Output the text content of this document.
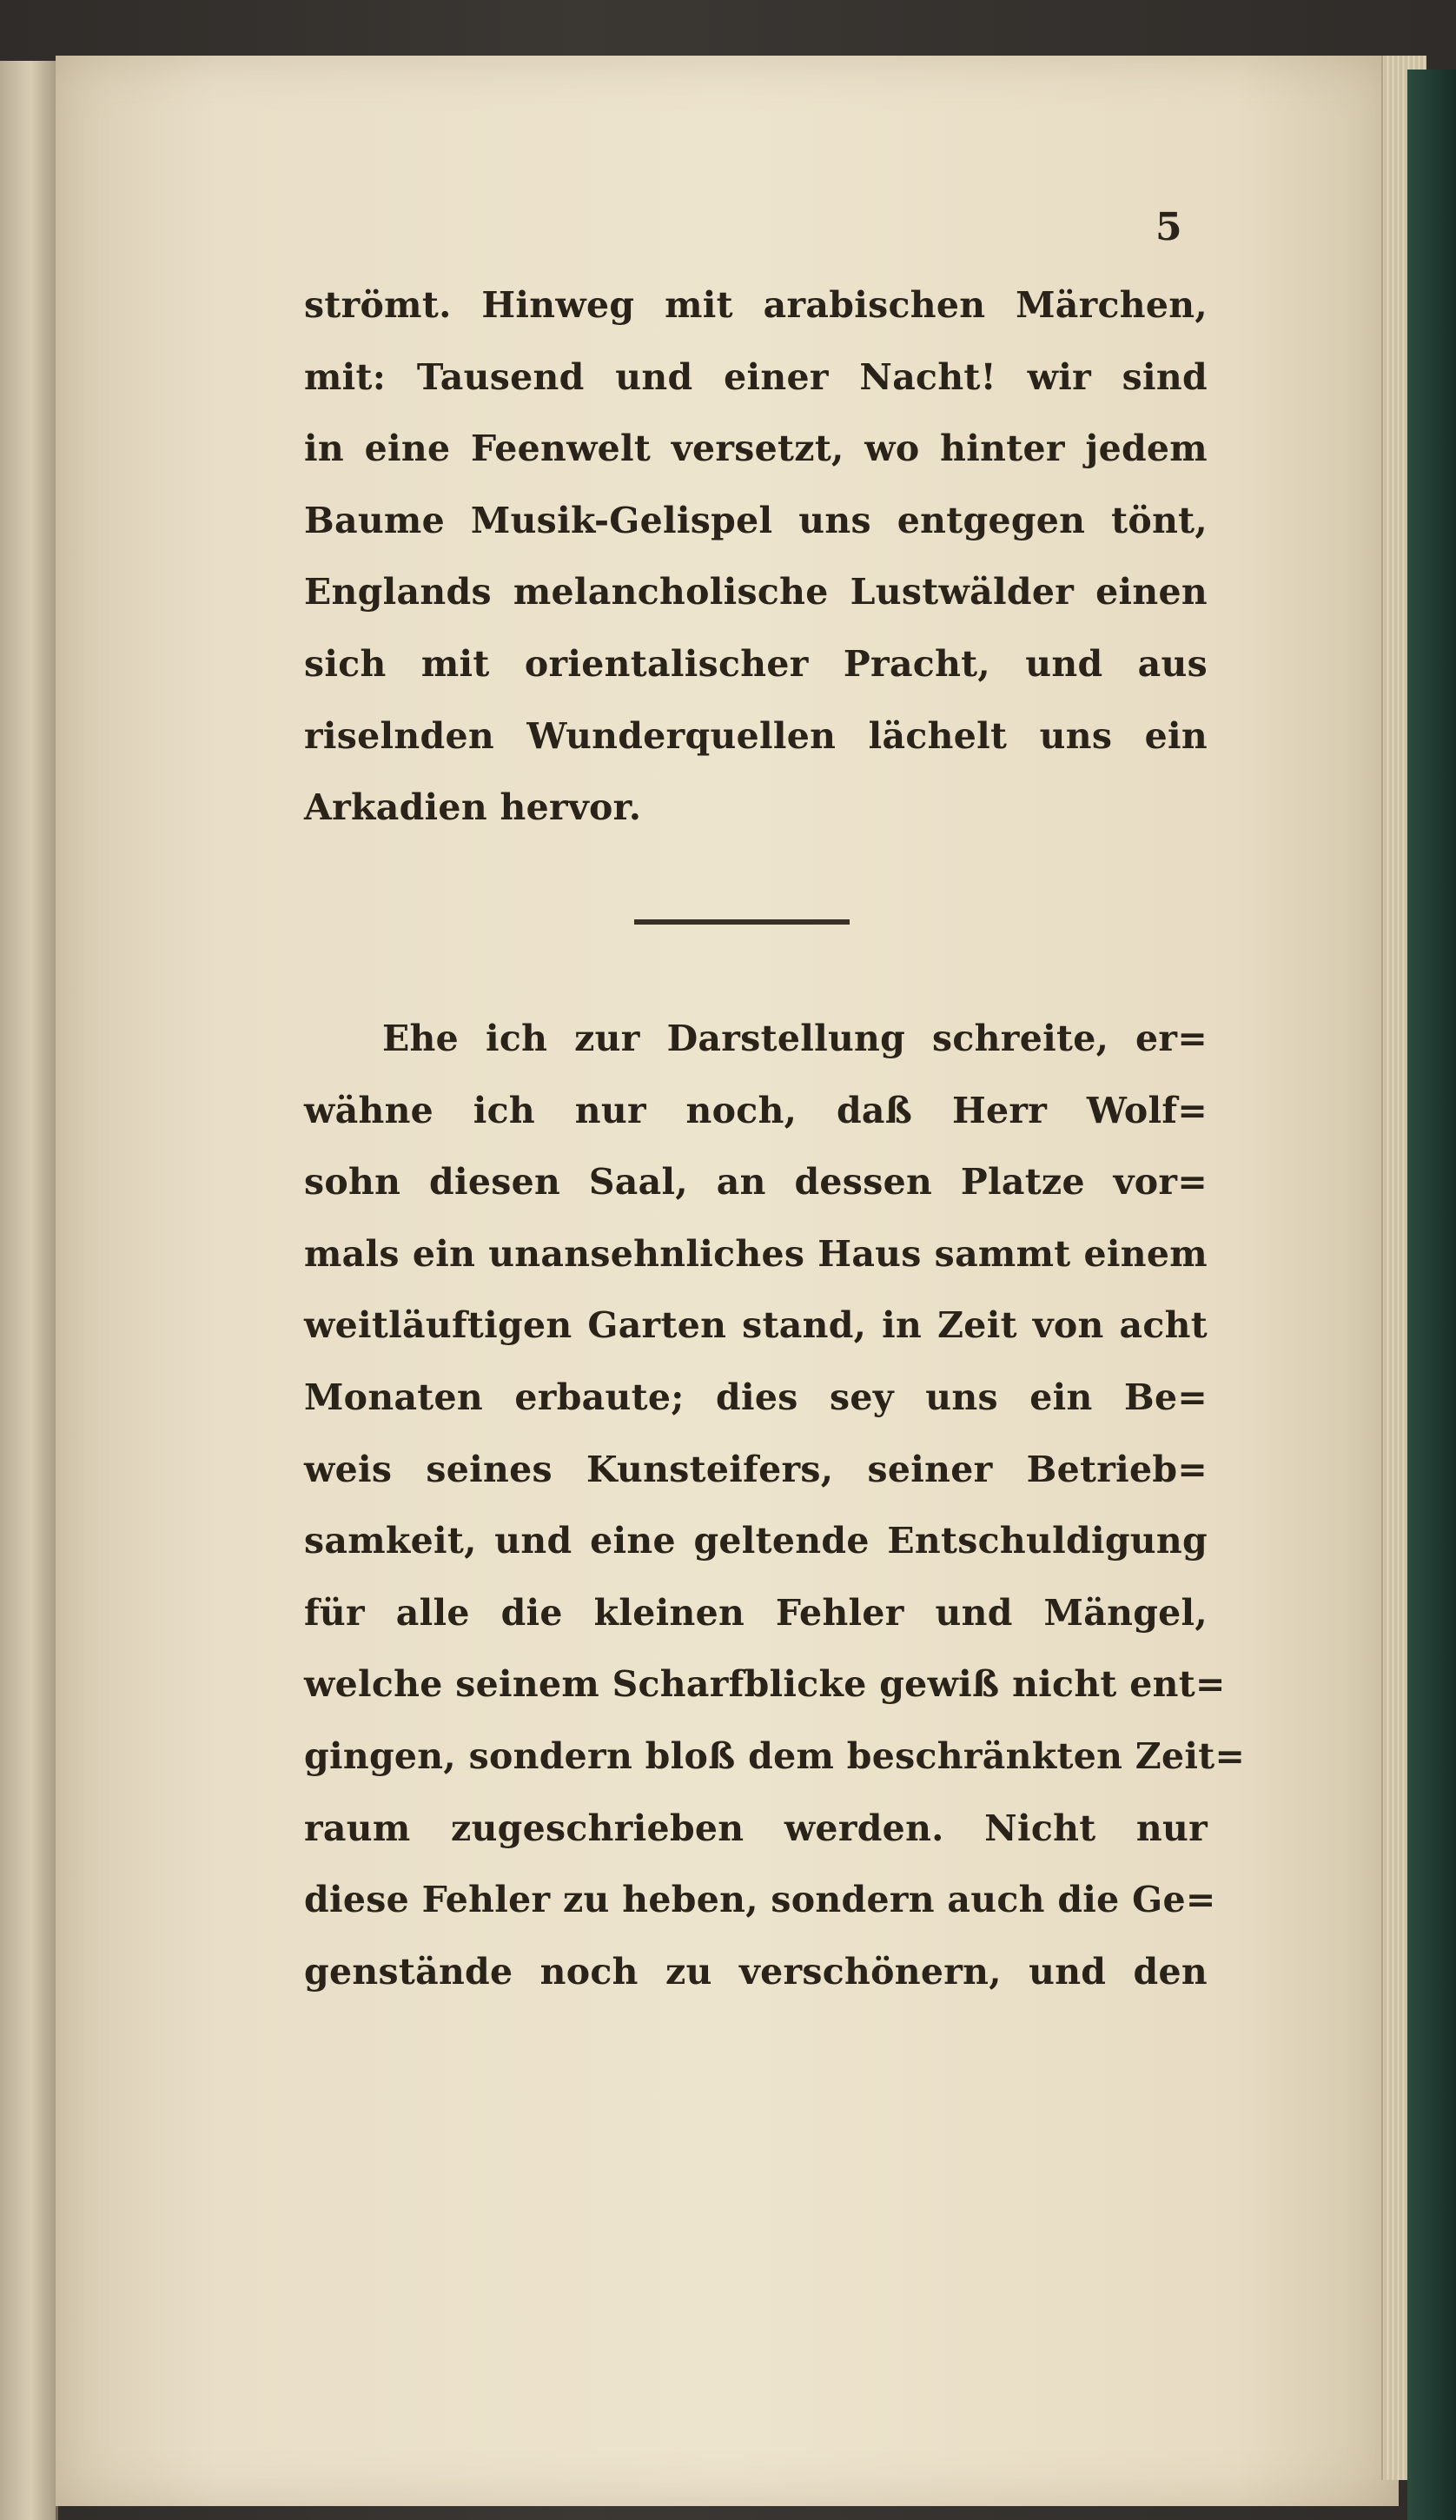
5
strömt. Hinweg mit arabischen Märchen,
mit: Tausend und einer Nacht! wir sind
in eine Feenwelt versetzt, wo hinter jedem
Baume Musik-Gelispel uns entgegen tönt,
Englands melancholische Lustwälder einen
sich mit orientalischer Pracht, und aus
riselnden Wunderquellen lächelt uns ein
Arkadien hervor.
Ehe ich zur Darstellung schreite, er=
wähne ich nur noch, daß Herr Wolf=
sohn diesen Saal, an dessen Platze vor=
mals ein unansehnliches Haus sammt einem
weitläuftigen Garten stand, in Zeit von acht
Monaten erbaute; dies sey uns ein Be=
weis seines Kunsteifers, seiner Betrieb=
samkeit, und eine geltende Entschuldigung
für alle die kleinen Fehler und Mängel,
welche seinem Scharfblicke gewiß nicht ent=
gingen, sondern bloß dem beschränkten Zeit=
raum zugeschrieben werden. Nicht nur
diese Fehler zu heben, sondern auch die Ge=
genstände noch zu verschönern, und den
